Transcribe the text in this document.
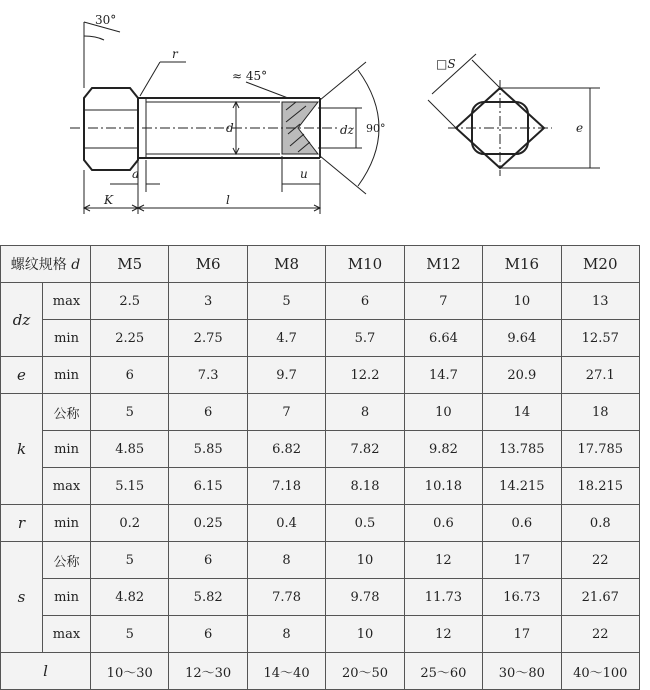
30°
r
≈ 45°
d	dz 90°
a	u
K	l
□S
e
螺纹规格 d		M5	M6	M8	M10	M12	M16	M20
dz	max	2.5	3	5	6	7	10	13
	min	2.25	2.75	4.7	5.7	6.64	9.64	12.57
e	min	6	7.3	9.7	12.2	14.7	20.9	27.1
k	公称	5	6	7	8	10	14	18
	min	4.85	5.85	6.82	7.82	9.82	13.785	17.785
	max	5.15	6.15	7.18	8.18	10.18	14.215	18.215
r	min	0.2	0.25	0.4	0.5	0.6	0.6	0.8
s	公称	5	6	8	10	12	17	22
	min	4.82	5.82	7.78	9.78	11.73	16.73	21.67
	max	5	6	8	10	12	17	22
l		10～30	12～30	14～40	20～50	25～60	30～80	40～100
